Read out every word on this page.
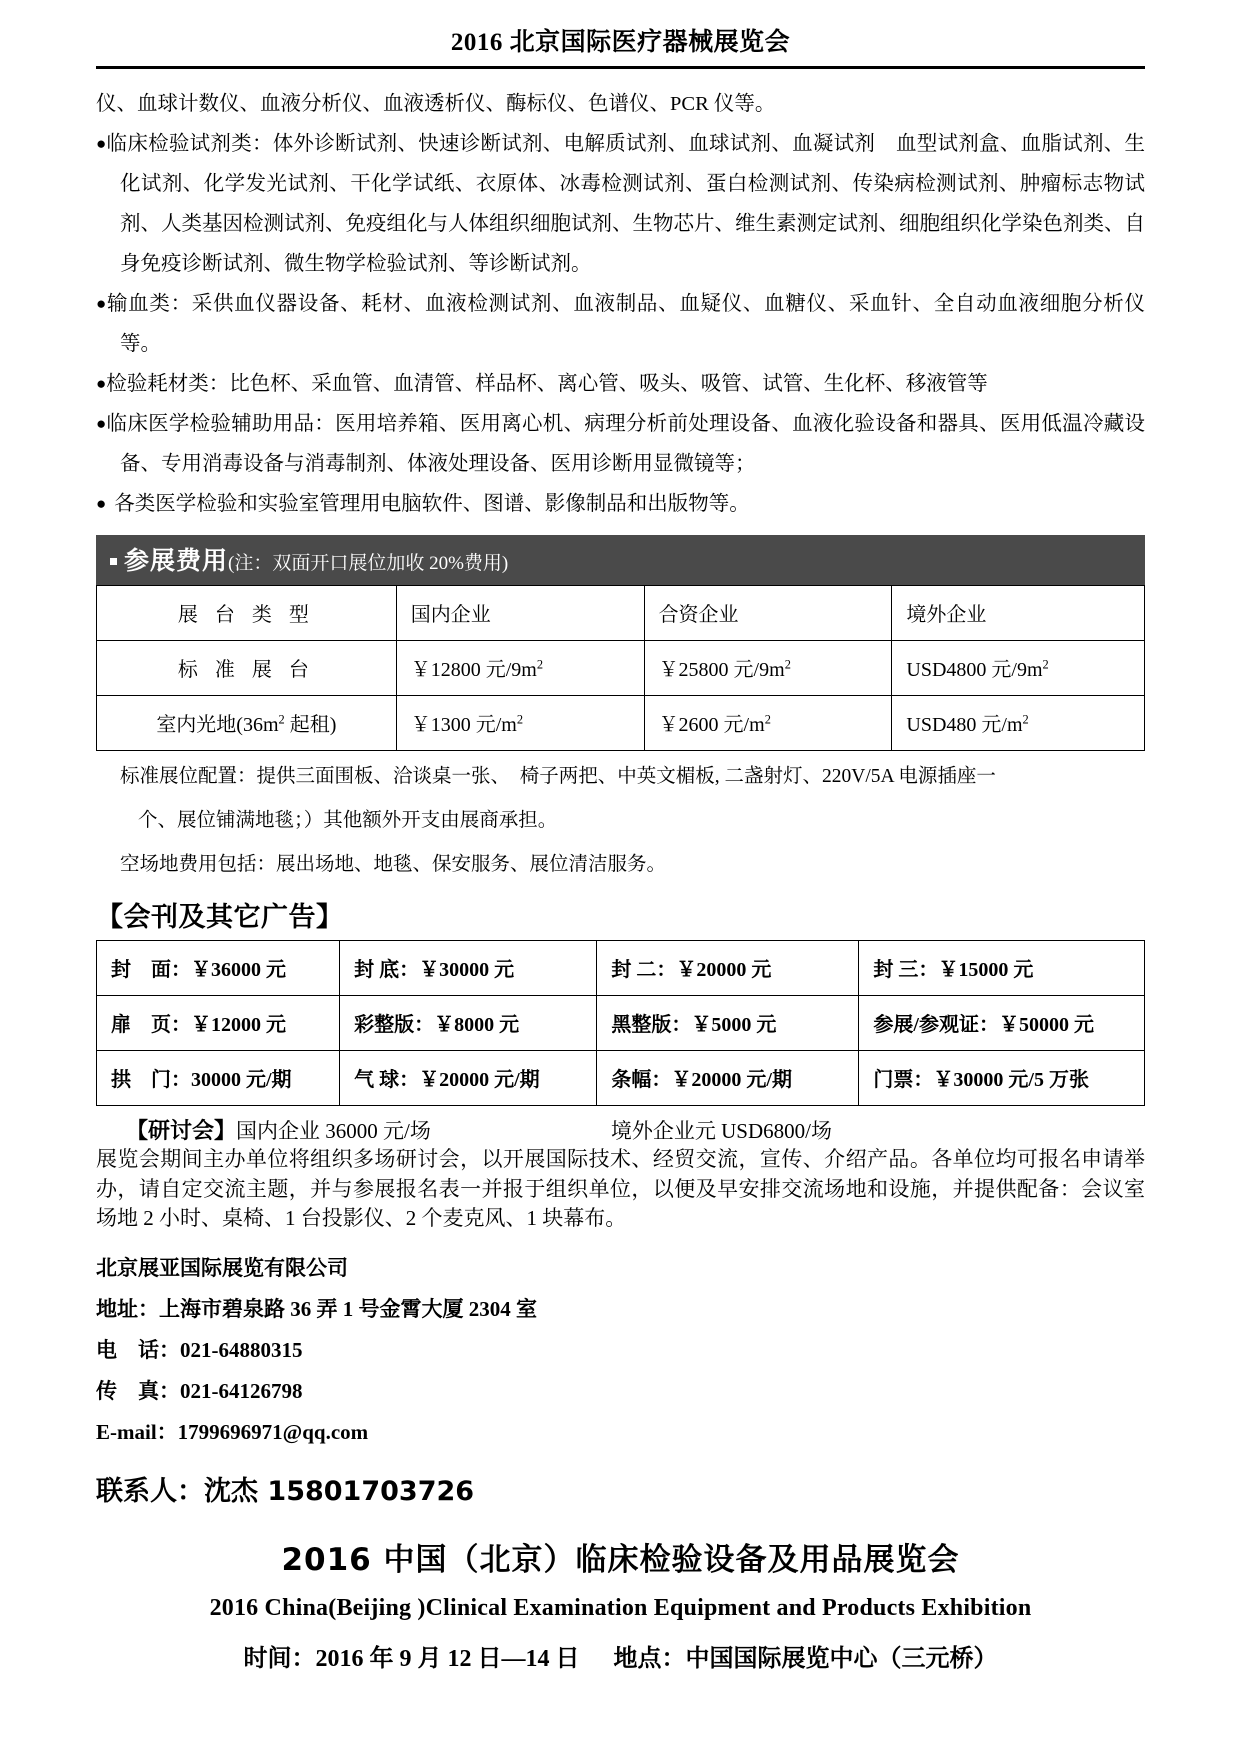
2016 北京国际医疗器械展览会
仪、血球计数仪、血液分析仪、血液透析仪、酶标仪、色谱仪、PCR 仪等。
●临床检验试剂类：体外诊断试剂、快速诊断试剂、电解质试剂、血球试剂、血凝试剂　血型试剂盒、血脂试剂、生化试剂、化学发光试剂、干化学试纸、衣原体、冰毒检测试剂、蛋白检测试剂、传染病检测试剂、肿瘤标志物试剂、人类基因检测试剂、免疫组化与人体组织细胞试剂、生物芯片、维生素测定试剂、细胞组织化学染色剂类、自身免疫诊断试剂、微生物学检验试剂、等诊断试剂。
●输血类：采供血仪器设备、耗材、血液检测试剂、血液制品、血疑仪、血糖仪、采血针、全自动血液细胞分析仪等。
●检验耗材类：比色杯、采血管、血清管、样品杯、离心管、吸头、吸管、试管、生化杯、移液管等
●临床医学检验辅助用品：医用培养箱、医用离心机、病理分析前处理设备、血液化验设备和器具、医用低温冷藏设备、专用消毒设备与消毒制剂、体液处理设备、医用诊断用显微镜等；
●各类医学检验和实验室管理用电脑软件、图谱、影像制品和出版物等。
参展费用(注：双面开口展位加收 20%费用)
展 台 类 型	国内企业	合资企业	境外企业
标 准 展 台	￥12800 元$/9m^2$	￥25800 元$/9m^2$	USD4800 元$/9m^2$
室内光地($36m^2$ 起租)	￥1300 元$/m^2$	￥2600 元$/m^2$	USD480 元$/m^2$
标准展位配置：提供三面围板、洽谈桌一张、　椅子两把、中英文楣板, 二盏射灯、220V/5A 电源插座一
个、展位铺满地毯；）其他额外开支由展商承担。
空场地费用包括：展出场地、地毯、保安服务、展位清洁服务。
【会刊及其它广告】
封　面：￥36000 元	封 底：￥30000 元	封 二：￥20000 元	封 三：￥15000 元
扉　页：￥12000 元	彩整版：￥8000 元	黑整版：￥5000 元	参展/参观证：￥50000 元
拱　门：30000 元/期	气 球：￥20000 元/期	条幅：￥20000 元/期	门票：￥30000 元/5 万张
【研讨会】国内企业 36000 元/场	境外企业元 USD6800/场
展览会期间主办单位将组织多场研讨会，以开展国际技术、经贸交流，宣传、介绍产品。各单位均可报名申请举办，请自定交流主题，并与参展报名表一并报于组织单位，以便及早安排交流场地和设施，并提供配备：会议室场地 2 小时、桌椅、1 台投影仪、2 个麦克风、1 块幕布。
北京展亚国际展览有限公司
地址：上海市碧泉路 36 弄 1 号金霄大厦 2304 室
电　话：021-64880315
传　真：021-64126798
E-mail：1799696971@qq.com
联系人：沈杰 15801703726
2016 中国（北京）临床检验设备及用品展览会
2016 China(Beijing )Clinical Examination Equipment and Products Exhibition
时间：2016 年 9 月 12 日—14 日 地点：中国国际展览中心（三元桥）
